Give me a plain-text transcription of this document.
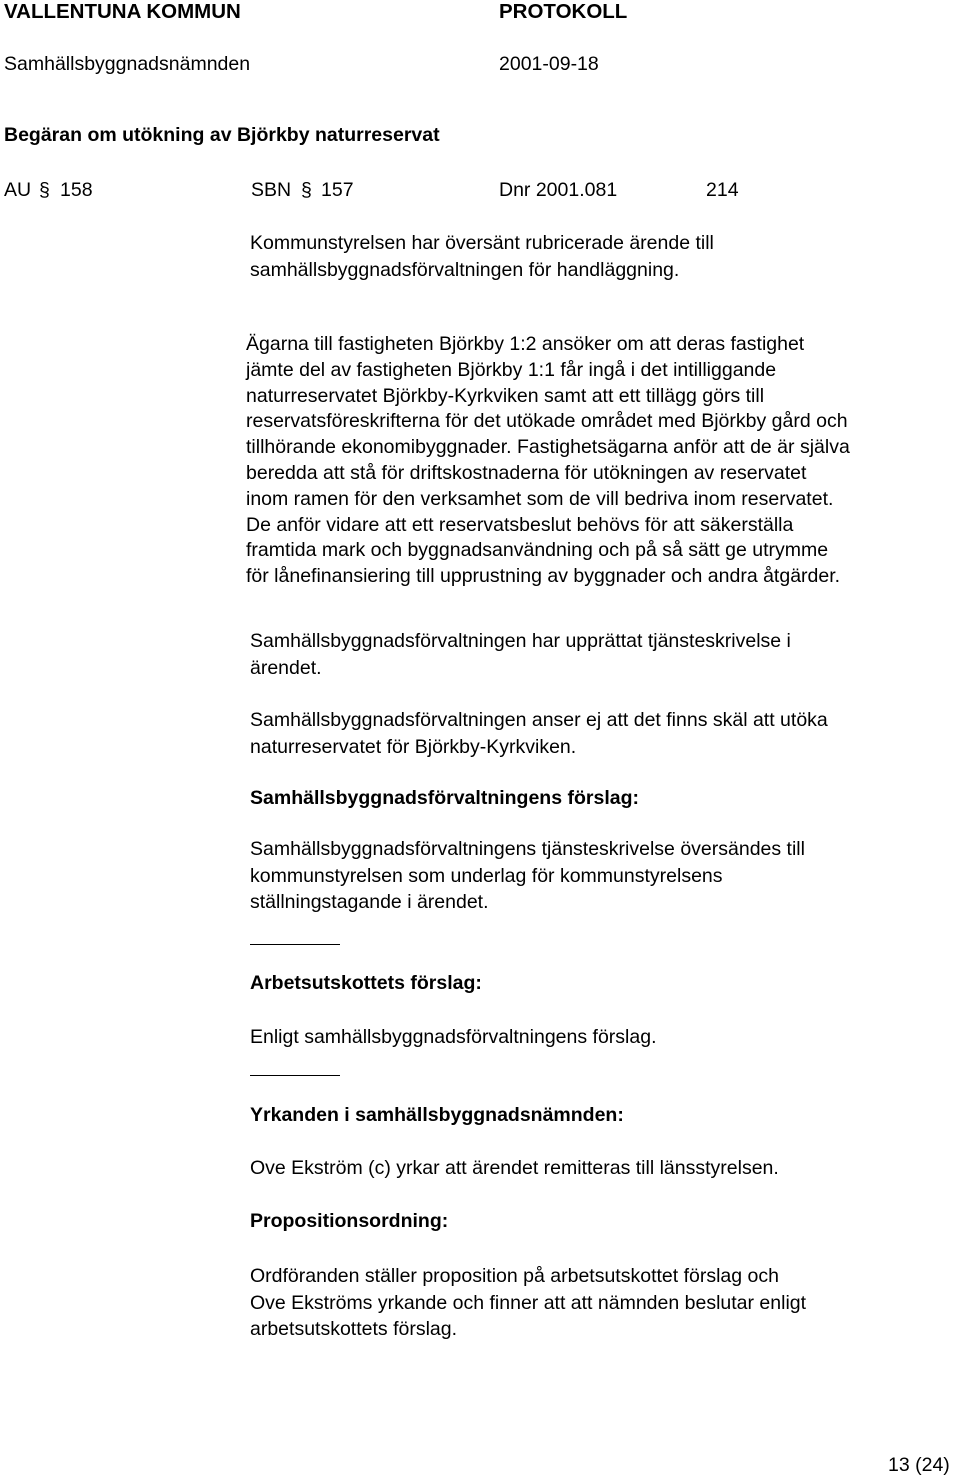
VALLENTUNA KOMMUN	PROTOKOLL
Samhällsbyggnadsnämnden	2001-09-18
Begäran om utökning av Björkby naturreservat
AU § 158	SBN § 157	Dnr 2001.081	214
Kommunstyrelsen har översänt rubricerade ärende till
samhällsbyggnadsförvaltningen för handläggning.
Ägarna till fastigheten Björkby 1:2 ansöker om att deras fastighet
jämte del av fastigheten Björkby 1:1 får ingå i det intilliggande
naturreservatet Björkby-Kyrkviken samt att ett tillägg görs till
reservatsföreskrifterna för det utökade området med Björkby gård och
tillhörande ekonomibyggnader. Fastighetsägarna anför att de är själva
beredda att stå för driftskostnaderna för utökningen av reservatet
inom ramen för den verksamhet som de vill bedriva inom reservatet.
De anför vidare att ett reservatsbeslut behövs för att säkerställa
framtida mark och byggnadsanvändning och på så sätt ge utrymme
för lånefinansiering till upprustning av byggnader och andra åtgärder.
Samhällsbyggnadsförvaltningen har upprättat tjänsteskrivelse i
ärendet.
Samhällsbyggnadsförvaltningen anser ej att det finns skäl att utöka
naturreservatet för Björkby-Kyrkviken.
Samhällsbyggnadsförvaltningens förslag:
Samhällsbyggnadsförvaltningens tjänsteskrivelse översändes till
kommunstyrelsen som underlag för kommunstyrelsens
ställningstagande i ärendet.
Arbetsutskottets förslag:
Enligt samhällsbyggnadsförvaltningens förslag.
Yrkanden i samhällsbyggnadsnämnden:
Ove Ekström (c) yrkar att ärendet remitteras till länsstyrelsen.
Propositionsordning:
Ordföranden ställer proposition på arbetsutskottet förslag och
Ove Ekströms yrkande och finner att att nämnden beslutar enligt
arbetsutskottets förslag.
13 (24)
